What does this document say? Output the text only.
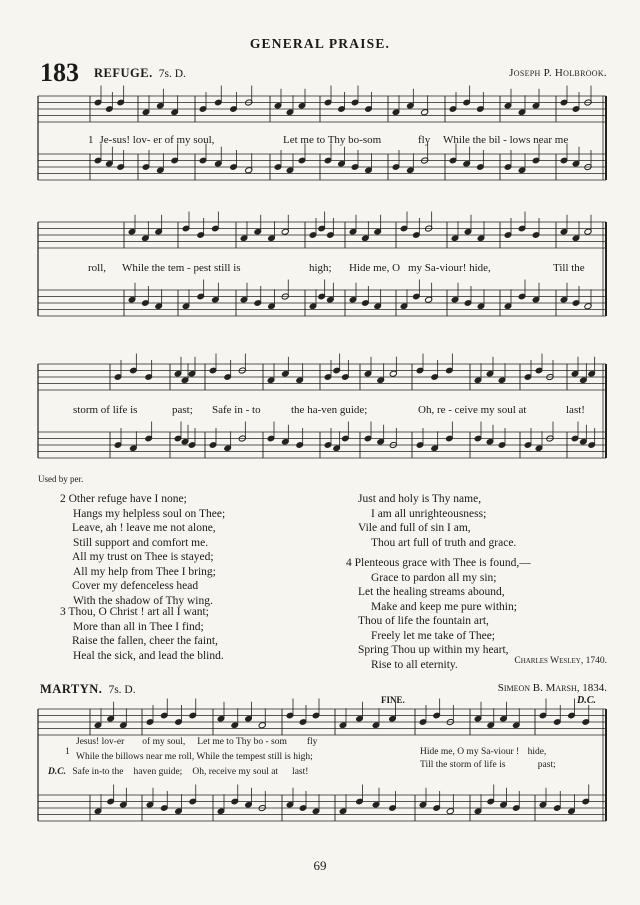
GENERAL PRAISE.
183 REFUGE. 7s. D.	Joseph P. Holbrook.
1 Je-sus! lov- er of my soul,	Let me to Thy bo-som	fly While the bil - lows near me
roll, While the tem - pest still is	high; Hide me, O my Sa-viour! hide,	Till the
storm of life is	past; Safe in - to	the ha-ven guide;	Oh, re - ceive my soul at	last!
Used by per.
2 Other refuge have I none;
Hangs my helpless soul on Thee;
Leave, ah ! leave me not alone,
Still support and comfort me.
All my trust on Thee is stayed;
All my help from Thee I bring;
Cover my defenceless head
With the shadow of Thy wing.
3 Thou, O Christ ! art all I want;
More than all in Thee I find;
Raise the fallen, cheer the faint,
Heal the sick, and lead the blind.
Just and holy is Thy name,
I am all unrighteousness;
Vile and full of sin I am,
Thou art full of truth and grace.
4 Plenteous grace with Thee is found,—
Grace to pardon all my sin;
Let the healing streams abound,
Make and keep me pure within;
Thou of life the fountain art,
Freely let me take of Thee;
Spring Thou up within my heart,
Rise to all eternity.	Charles Wesley, 1740.
MARTYN. 7s. D.	Simeon B. Marsh, 1834.
FINE.	D.C.
1
Jesus! lov-er of my soul, Let me to Thy bo - som fly
While the billows near me roll, While the tempest still is high;
D.C. Safe in-to the haven guide; Oh, receive my soul at last!
Hide me, O my Sa-viour ! hide,
Till the storm of life is	past;
69
